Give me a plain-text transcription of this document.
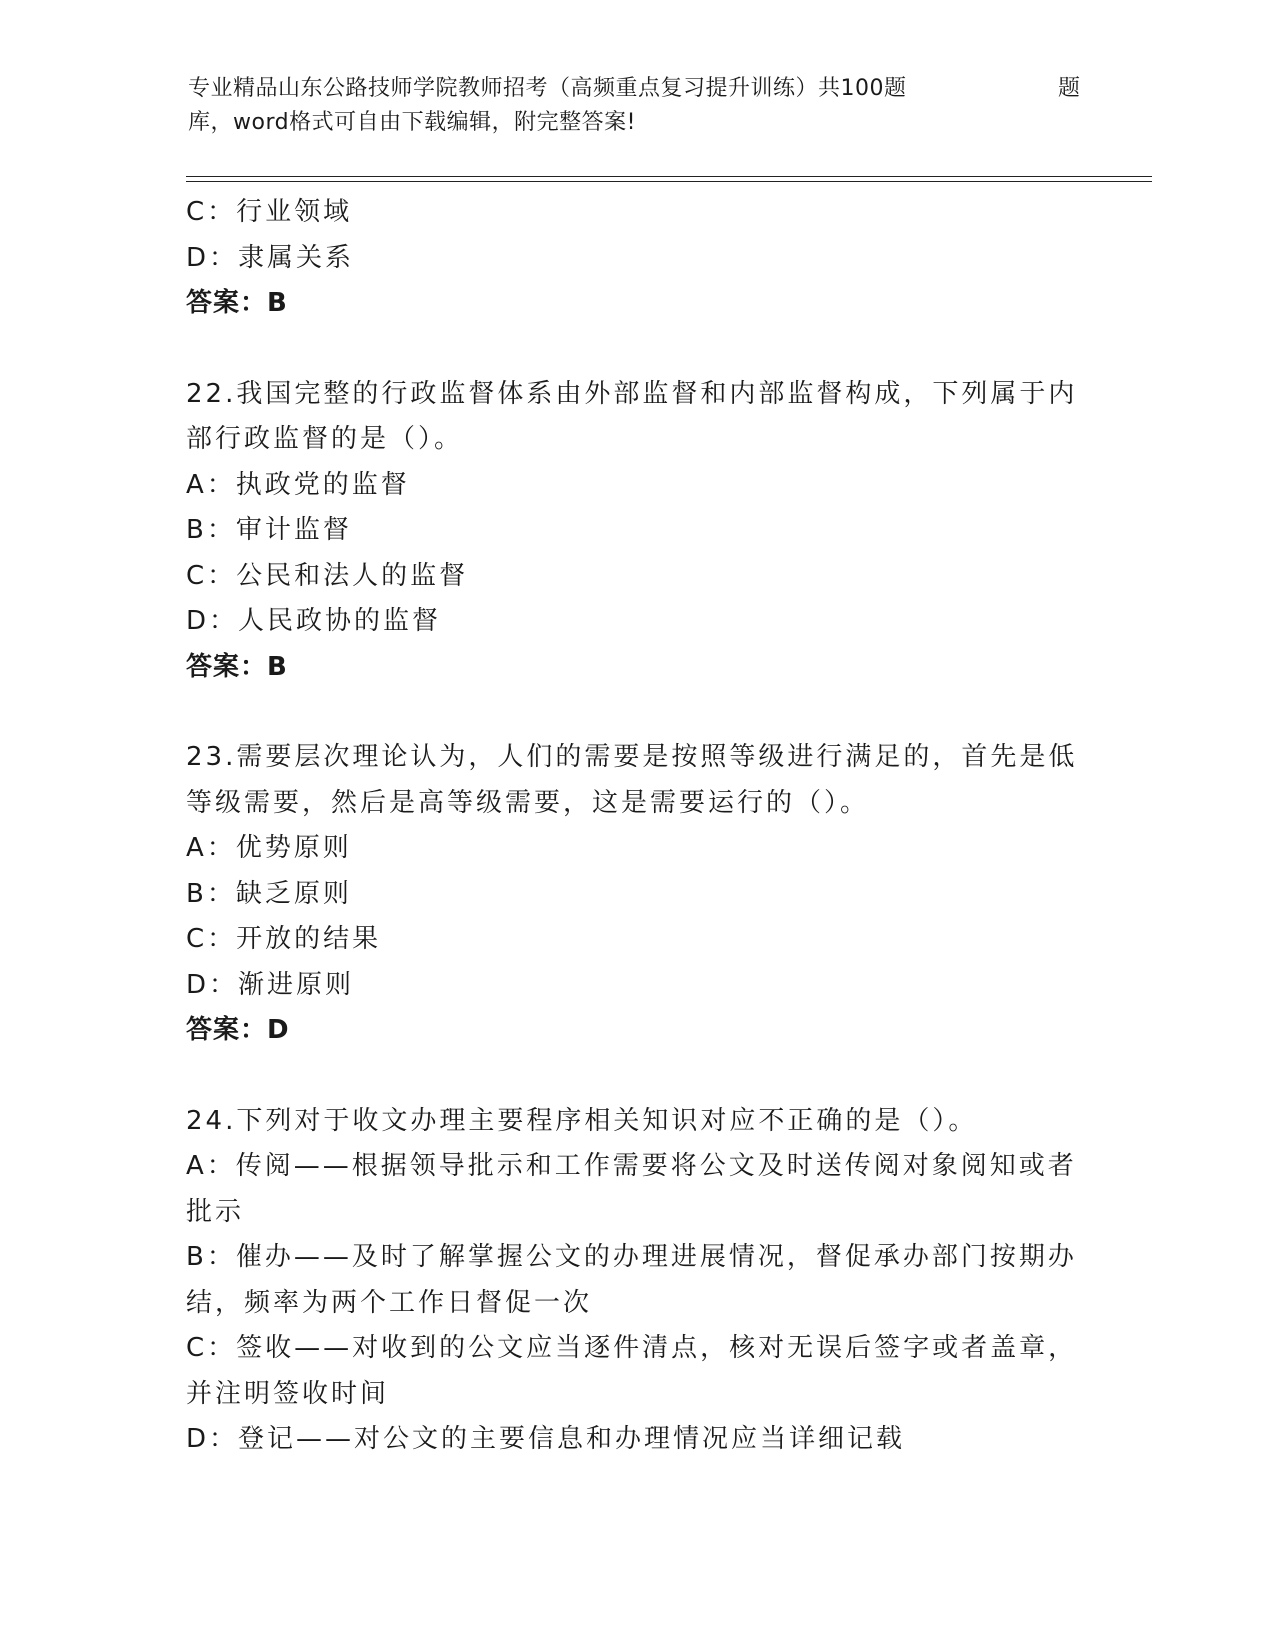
专业精品山东公路技师学院教师招考（高频重点复习提升训练）共100题	题
库，word格式可自由下载编辑，附完整答案!
C：行业领域
D：隶属关系
答案：B
22.我国完整的行政监督体系由外部监督和内部监督构成，下列属于内
部行政监督的是（）。
A：执政党的监督
B：审计监督
C：公民和法人的监督
D：人民政协的监督
答案：B
23.需要层次理论认为，人们的需要是按照等级进行满足的，首先是低
等级需要，然后是高等级需要，这是需要运行的（）。
A：优势原则
B：缺乏原则
C：开放的结果
D：渐进原则
答案：D
24.下列对于收文办理主要程序相关知识对应不正确的是（）。
A：传阅——根据领导批示和工作需要将公文及时送传阅对象阅知或者
批示
B：催办——及时了解掌握公文的办理进展情况，督促承办部门按期办
结，频率为两个工作日督促一次
C：签收——对收到的公文应当逐件清点，核对无误后签字或者盖章，
并注明签收时间
D：登记——对公文的主要信息和办理情况应当详细记载
